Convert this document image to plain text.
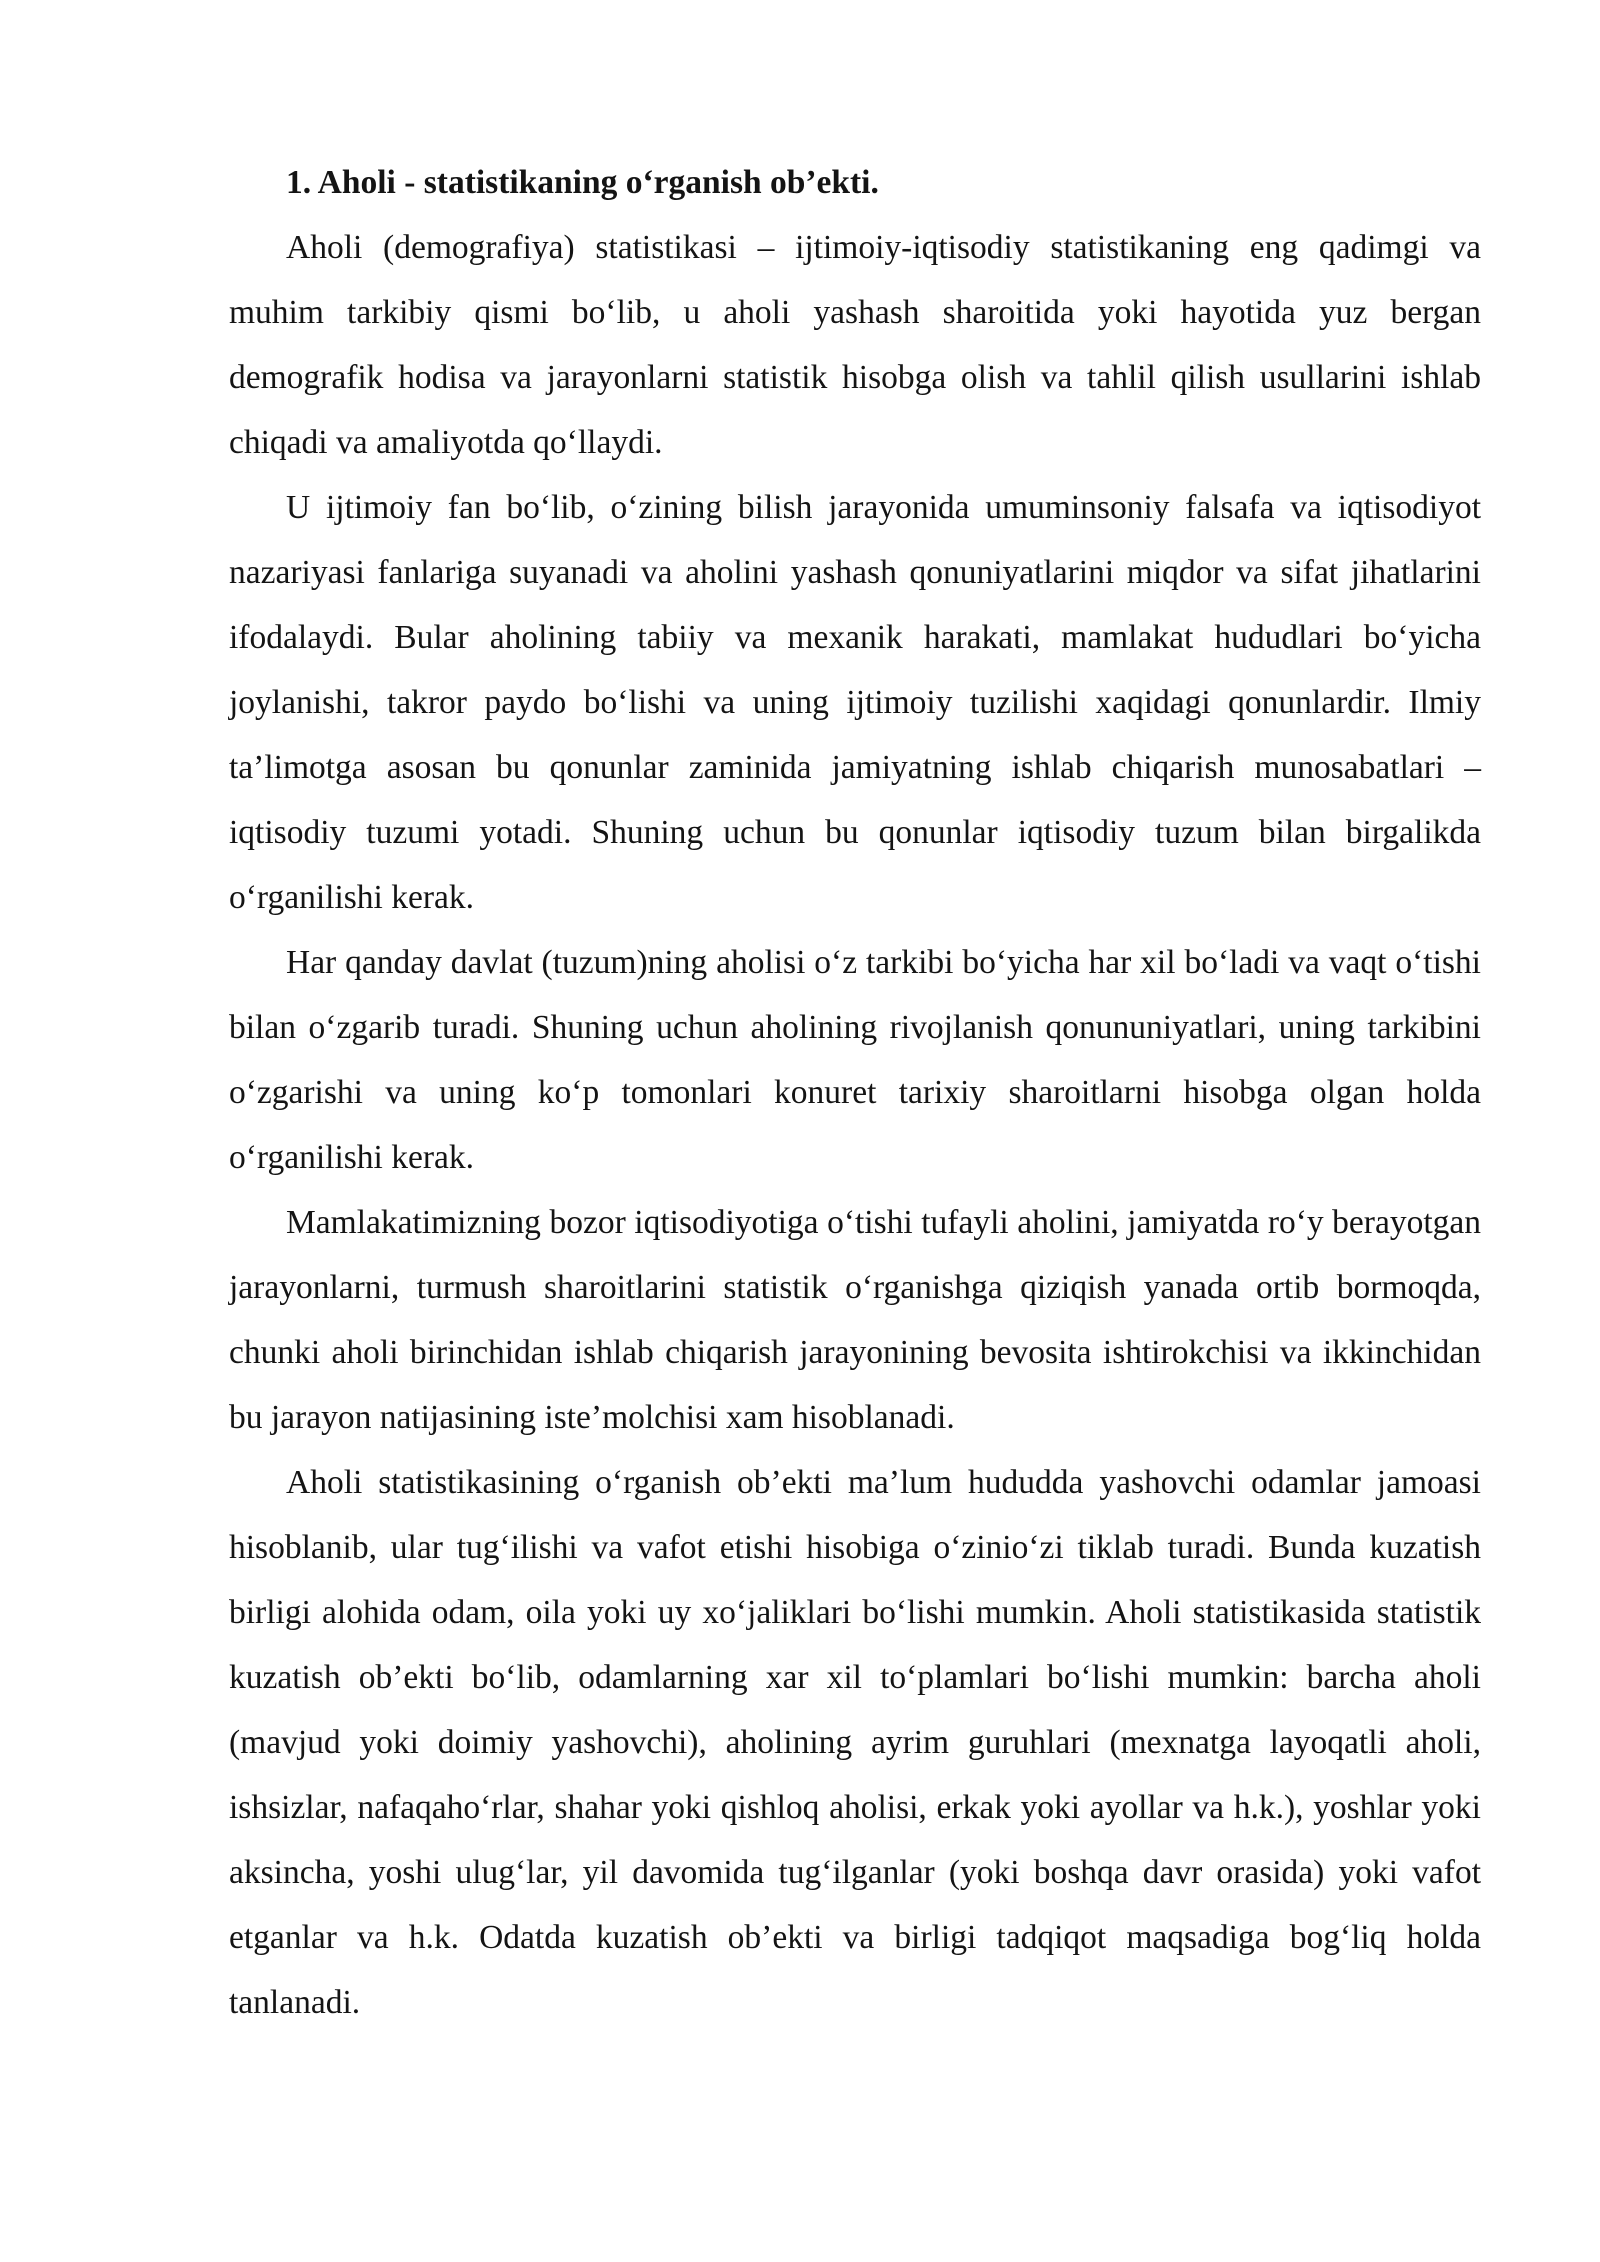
1. Aholi - statistikaning o‘rganish ob’ekti.

Aholi (demografiya) statistikasi – ijtimoiy-iqtisodiy statistikaning eng qadimgi va muhim tarkibiy qismi bo‘lib, u aholi yashash sharoitida yoki hayotida yuz bergan demografik hodisa va jarayonlarni statistik hisobga olish va tahlil qilish usullarini ishlab chiqadi va amaliyotda qo‘llaydi.

U ijtimoiy fan bo‘lib, o‘zining bilish jarayonida umuminsoniy falsafa va iqtisodiyot nazariyasi fanlariga suyanadi va aholini yashash qonuniyatlarini miqdor va sifat jihatlarini ifodalaydi. Bular aholining tabiiy va mexanik harakati, mamlakat hududlari bo‘yicha joylanishi, takror paydo bo‘lishi va uning ijtimoiy tuzilishi xaqidagi qonunlardir. Ilmiy ta’limotga asosan bu qonunlar zaminida jamiyatning ishlab chiqarish munosabatlari – iqtisodiy tuzumi yotadi. Shuning uchun bu qonunlar iqtisodiy tuzum bilan birgalikda o‘rganilishi kerak.

Har qanday davlat (tuzum)ning aholisi o‘z tarkibi bo‘yicha har xil bo‘ladi va vaqt o‘tishi bilan o‘zgarib turadi. Shuning uchun aholining rivojlanish qonununiyatlari, uning tarkibini o‘zgarishi va uning ko‘p tomonlari konuret tarixiy sharoitlarni hisobga olgan holda o‘rganilishi kerak.

Mamlakatimizning bozor iqtisodiyotiga o‘tishi tufayli aholini, jamiyatda ro‘y berayotgan jarayonlarni, turmush sharoitlarini statistik o‘rganishga qiziqish yanada ortib bormoqda, chunki aholi birinchidan ishlab chiqarish jarayonining bevosita ishtirokchisi va ikkinchidan bu jarayon natijasining iste’molchisi xam hisoblanadi.

Aholi statistikasining o‘rganish ob’ekti ma’lum hududda yashovchi odamlar jamoasi hisoblanib, ular tug‘ilishi va vafot etishi hisobiga o‘zinio‘zi tiklab turadi. Bunda kuzatish birligi alohida odam, oila yoki uy xo‘jaliklari bo‘lishi mumkin. Aholi statistikasida statistik kuzatish ob’ekti bo‘lib, odamlarning xar xil to‘plamlari bo‘lishi mumkin: barcha aholi (mavjud yoki doimiy yashovchi), aholining ayrim guruhlari (mexnatga layoqatli aholi, ishsizlar, nafaqaho‘rlar, shahar yoki qishloq aholisi, erkak yoki ayollar va h.k.), yoshlar yoki aksincha, yoshi ulug‘lar, yil davomida tug‘ilganlar (yoki boshqa davr orasida) yoki vafot etganlar va h.k. Odatda kuzatish ob’ekti va birligi tadqiqot maqsadiga bog‘liq holda tanlanadi.
